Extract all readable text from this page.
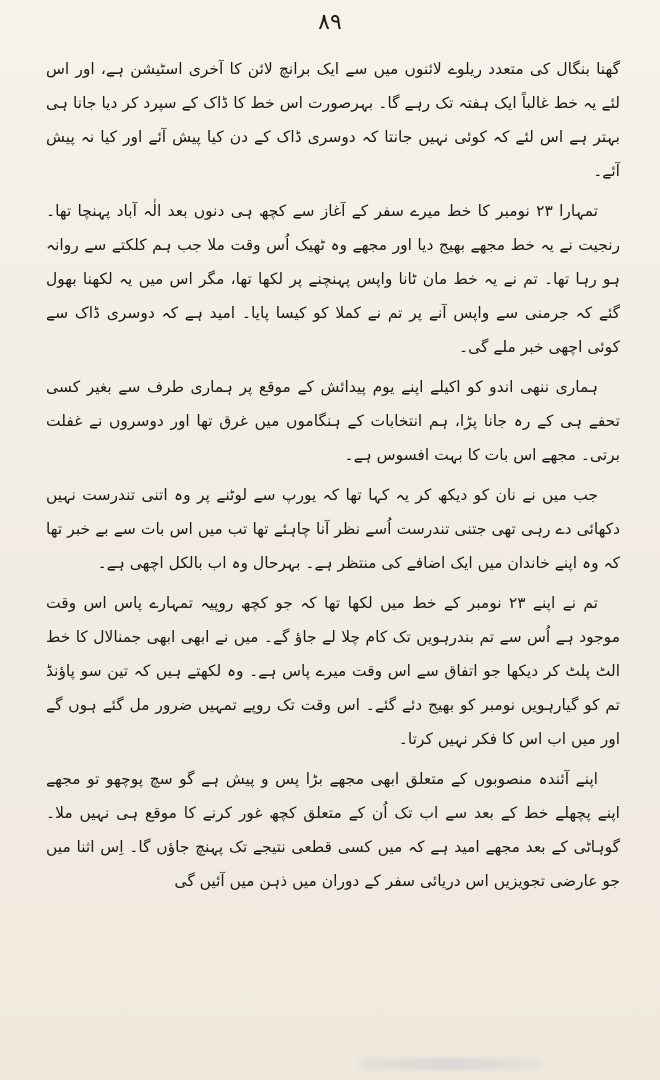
۸۹

گھنا بنگال کی متعدد ریلوے لائنوں میں سے ایک برانچ لائن کا آخری اسٹیشن ہے، اور اس لئے یہ خط غالباً ایک ہفتہ تک رہے گا۔ بہرصورت اس خط کا ڈاک کے سپرد کر دیا جانا ہی بہتر ہے اس لئے کہ کوئی نہیں جانتا کہ دوسری ڈاک کے دن کیا پیش آئے اور کیا نہ پیش آئے۔

تمہارا ۲۳ نومبر کا خط میرے سفر کے آغاز سے کچھ ہی دنوں بعد الٰہ آباد پہنچا تھا۔ رنجیت نے یہ خط مجھے بھیج دیا اور مجھے وہ ٹھیک اُس وقت ملا جب ہم کلکتے سے روانہ ہو رہا تھا۔ تم نے یہ خط مان ٹانا واپس پہنچنے پر لکھا تھا، مگر اس میں یہ لکھنا بھول گئے کہ جرمنی سے واپس آنے پر تم نے کملا کو کیسا پایا۔ امید ہے کہ دوسری ڈاک سے کوئی اچھی خبر ملے گی۔

ہماری ننھی اندو کو اکیلے اپنے یوم پیدائش کے موقع پر ہماری طرف سے بغیر کسی تحفے ہی کے رہ جانا پڑا، ہم انتخابات کے ہنگاموں میں غرق تھا اور دوسروں نے غفلت برتی۔ مجھے اس بات کا بہت افسوس ہے۔

جب میں نے نان کو دیکھ کر یہ کہا تھا کہ یورپ سے لوٹنے پر وہ اتنی تندرست نہیں دکھائی دے رہی تھی جتنی تندرست اُسے نظر آنا چاہئے تھا تب میں اس بات سے بے خبر تھا کہ وہ اپنے خاندان میں ایک اضافے کی منتظر ہے۔ بہرحال وہ اب بالکل اچھی ہے۔

تم نے اپنے ۲۳ نومبر کے خط میں لکھا تھا کہ جو کچھ روپیہ تمہارے پاس اس وقت موجود ہے اُس سے تم بندرہویں تک کام چلا لے جاؤ گے۔ میں نے ابھی ابھی جمنالال کا خط الٹ پلٹ کر دیکھا جو اتفاق سے اس وقت میرے پاس ہے۔ وہ لکھتے ہیں کہ تین سو پاؤنڈ تم کو گیارہویں نومبر کو بھیج دئے گئے۔ اس وقت تک روپے تمہیں ضرور مل گئے ہوں گے اور میں اب اس کا فکر نہیں کرتا۔

اپنے آئندہ منصوبوں کے متعلق ابھی مجھے بڑا پس و پیش ہے گو سچ پوچھو تو مجھے اپنے پچھلے خط کے بعد سے اب تک اُن کے متعلق کچھ غور کرنے کا موقع ہی نہیں ملا۔ گوہاٹی کے بعد مجھے امید ہے کہ میں کسی قطعی نتیجے تک پہنچ جاؤں گا۔ اِس اثنا میں جو عارضی تجویزیں اس دریائی سفر کے دوران میں ذہن میں آئیں گی
